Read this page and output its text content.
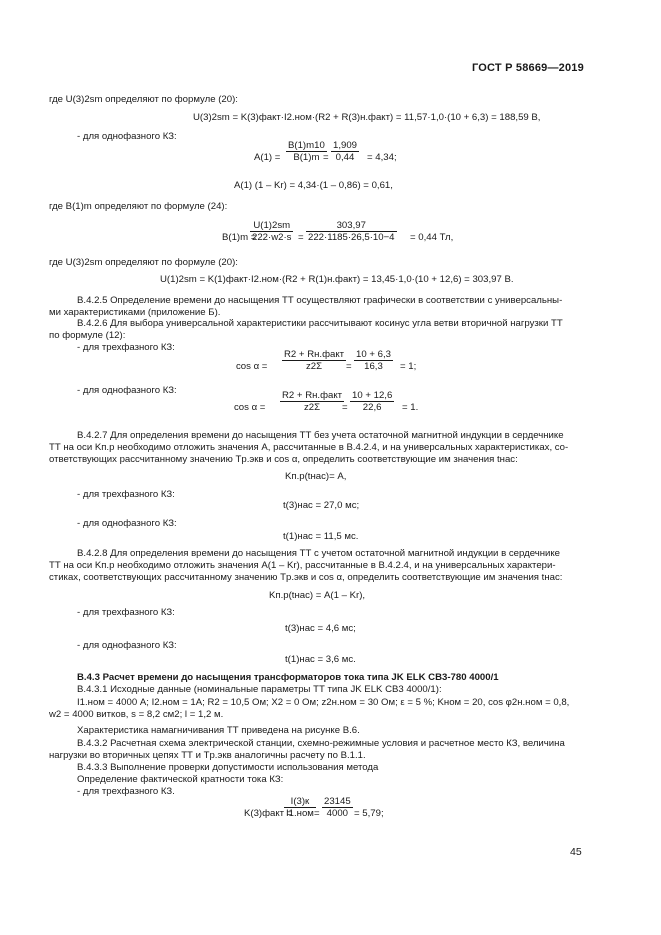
ГОСТ Р 58669—2019
где U(3)2sm определяют по формуле (20):
U(3)2sm = K(3)факт·I2.ном·(R2 + R(3)н.факт) = 11,57·1,0·(10 + 6,3) = 188,59 В,
- для однофазного КЗ:
$A(1) = \frac{B(1)m10}{B(1)m}$
= $\frac{1,909}{0,44} = 4,34$;
A(1) (1 – Kr) = 4,34·(1 – 0,86) = 0,61,
где B(1)m определяют по формуле (24):
B(1)m =
$\frac{U(1)2sm}{222\cdot w2\cdot s} = \frac{303,97}{222\cdot 1185\cdot 26,5\cdot 10-4} = 0,44$ Тл,
где U(3)2sm определяют по формуле (20):
U(1)2sm = K(1)факт·I2.ном·(R2 + R(1)н.факт) = 13,45·1,0·(10 + 12,6) = 303,97 В.
В.4.2.5 Определение времени до насыщения ТТ осуществляют графически в соответствии с универсальны-
ми характеристиками (приложение Б).
В.4.2.6 Для выбора универсальной характеристики рассчитывают косинус угла ветви вторичной нагрузки ТТ
по формуле (12):
- для трехфазного КЗ:
cos α =
R2 + Rн.факт
z2Σ	= $\frac{10 + 6,3}{16,3} = 1$;
- для однофазного КЗ:
cos α =
R2 + Rн.факт
z2Σ	= $\frac{10 + 12,6}{22,6} = 1$.
В.4.2.7 Для определения времени до насыщения ТТ без учета остаточной магнитной индукции в сердечнике
ТТ на оси Kп.р необходимо отложить значения A, рассчитанные в В.4.2.4, и на универсальных характеристиках, со-
ответствующих рассчитанному значению Tр.экв и cos α, определить соответствующие им значения tнас:
Kп.р(tнас)= A,
- для трехфазного КЗ:
t(3)нас = 27,0 мс;
- для однофазного КЗ:
t(1)нас = 11,5 мс.
В.4.2.8 Для определения времени до насыщения ТТ с учетом остаточной магнитной индукции в сердечнике
ТТ на оси Kп.р необходимо отложить значения A(1 – Kr), рассчитанные в В.4.2.4, и на универсальных характери-
стиках, соответствующих рассчитанному значению Tр.экв и cos α, определить соответствующие им значения tнас:
Kп.р(tнас) = A(1 – Kr),
- для трехфазного КЗ:
t(3)нас = 4,6 мс;
- для однофазного КЗ:
t(1)нас = 3,6 мс.
В.4.3 Расчет времени до насыщения трансформаторов тока типа JK ELK CB3-780 4000/1
В.4.3.1 Исходные данные (номинальные параметры ТТ типа JK ELK CB3 4000/1):
I1.ном = 4000 А; I2.ном = 1А; R2 = 10,5 Ом; X2 = 0 Ом; z2н.ном = 30 Ом; ε = 5 %; Kном = 20, cos φ2н.ном = 0,8,
w2 = 4000 витков, s = 8,2 см2; l = 1,2 м.
Характеристика намагничивания ТТ приведена на рисунке В.6.
В.4.3.2 Расчетная схема электрической станции, схемно-режимные условия и расчетное место КЗ, величина
нагрузки во вторичных цепях ТТ и Tр.экв аналогичны расчету по В.1.1.
В.4.3.3 Выполнение проверки допустимости использования метода
Определение фактической кратности тока КЗ:
- для трехфазного КЗ.
K(3)факт =
I(3)к
$I1.ном = \frac{23145}{4000} = 5,79$;
45
